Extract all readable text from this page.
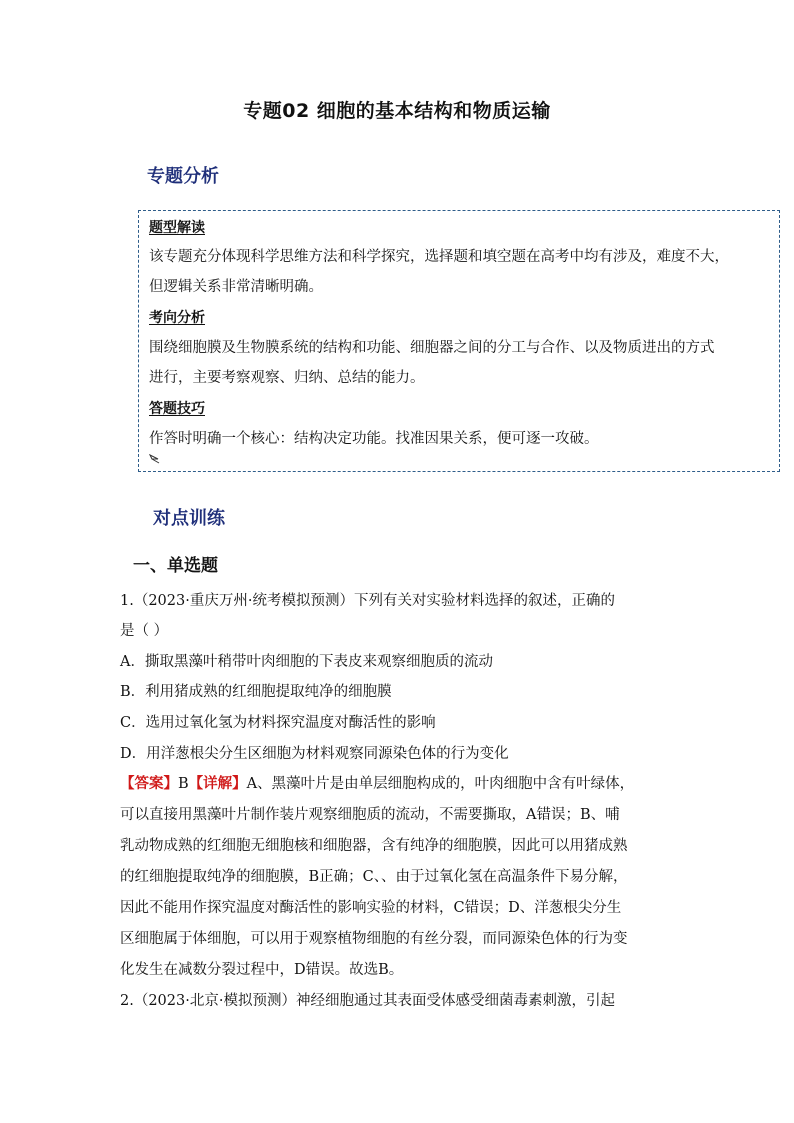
专题02 细胞的基本结构和物质运输
专题分析
题型解读
该专题充分体现科学思维方法和科学探究，选择题和填空题在高考中均有涉及，难度不大，
但逻辑关系非常清晰明确。
考向分析
围绕细胞膜及生物膜系统的结构和功能、细胞器之间的分工与合作、以及物质进出的方式
进行，主要考察观察、归纳、总结的能力。
答题技巧
作答时明确一个核心：结构决定功能。找准因果关系，便可逐一攻破。
对点训练
一、单选题
1.（2023·重庆万州·统考模拟预测）下列有关对实验材料选择的叙述，正确的
是（ ）
A．撕取黑藻叶稍带叶肉细胞的下表皮来观察细胞质的流动
B．利用猪成熟的红细胞提取纯净的细胞膜
C．选用过氧化氢为材料探究温度对酶活性的影响
D．用洋葱根尖分生区细胞为材料观察同源染色体的行为变化
【答案】B【详解】A、黑藻叶片是由单层细胞构成的，叶肉细胞中含有叶绿体，
可以直接用黑藻叶片制作装片观察细胞质的流动，不需要撕取，A错误；B、哺
乳动物成熟的红细胞无细胞核和细胞器，含有纯净的细胞膜，因此可以用猪成熟
的红细胞提取纯净的细胞膜，B正确；C、、由于过氧化氢在高温条件下易分解，
因此不能用作探究温度对酶活性的影响实验的材料，C错误；D、洋葱根尖分生
区细胞属于体细胞，可以用于观察植物细胞的有丝分裂，而同源染色体的行为变
化发生在减数分裂过程中，D错误。故选B。
2.（2023·北京·模拟预测）神经细胞通过其表面受体感受细菌毒素刺激，引起
